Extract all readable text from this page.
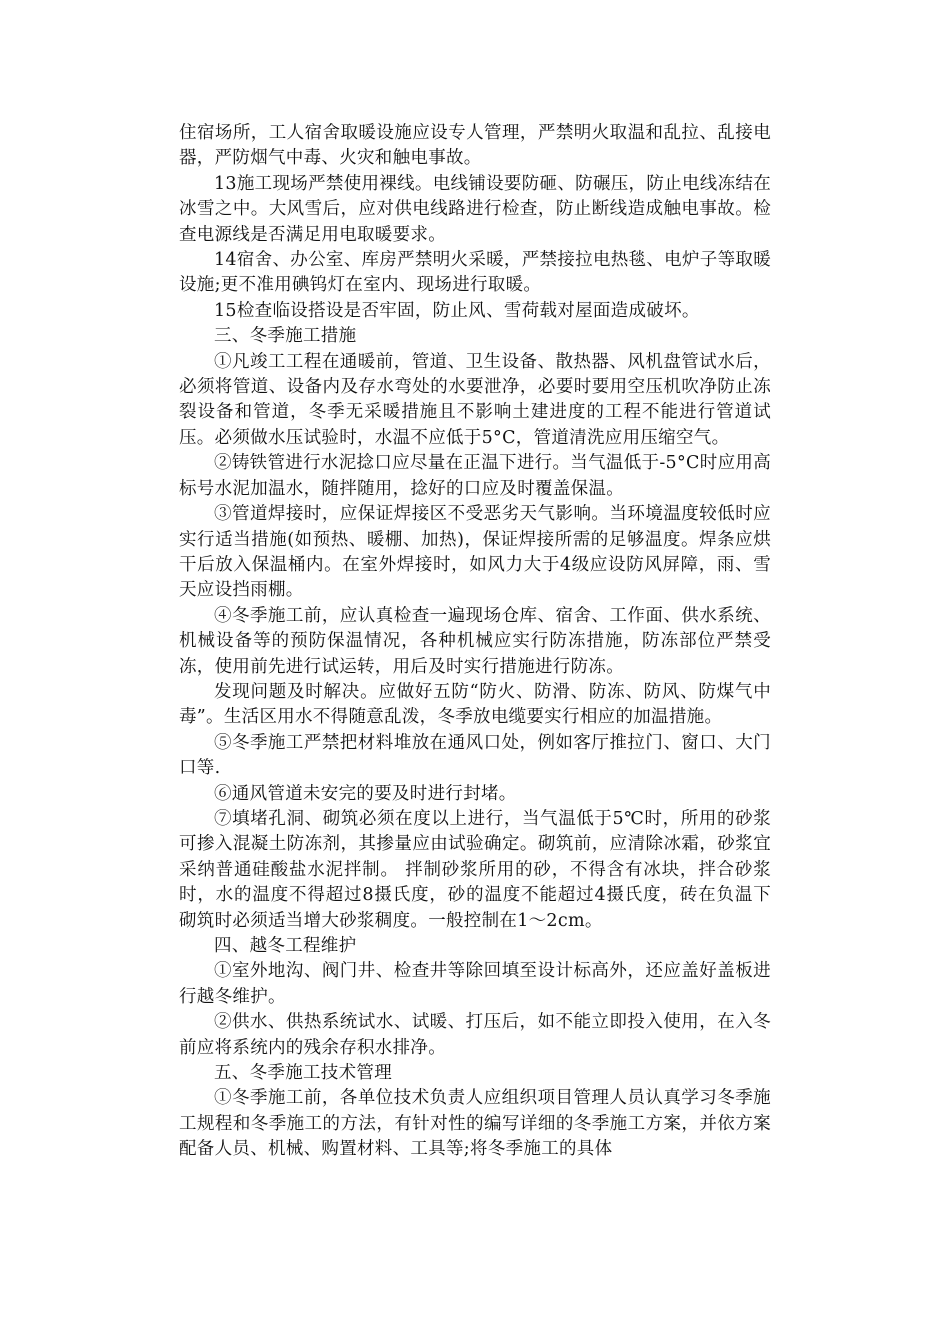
住宿场所，工人宿舍取暖设施应设专人管理，严禁明火取温和乱拉、乱接电器，严防烟气中毒、火灾和触电事故。

13施工现场严禁使用裸线。电线铺设要防砸、防碾压，防止电线冻结在冰雪之中。大风雪后，应对供电线路进行检查，防止断线造成触电事故。检查电源线是否满足用电取暖要求。

14宿舍、办公室、库房严禁明火采暖，严禁接拉电热毯、电炉子等取暖设施;更不准用碘钨灯在室内、现场进行取暖。

15检查临设搭设是否牢固，防止风、雪荷载对屋面造成破坏。

三、冬季施工措施

①凡竣工工程在通暖前，管道、卫生设备、散热器、风机盘管试水后，必须将管道、设备内及存水弯处的水要泄净，必要时要用空压机吹净防止冻裂设备和管道，冬季无采暖措施且不影响土建进度的工程不能进行管道试压。必须做水压试验时，水温不应低于5°C，管道清洗应用压缩空气。

②铸铁管进行水泥捻口应尽量在正温下进行。当气温低于-5°C时应用高标号水泥加温水，随拌随用，捻好的口应及时覆盖保温。

③管道焊接时，应保证焊接区不受恶劣天气影响。当环境温度较低时应实行适当措施(如预热、暖棚、加热)，保证焊接所需的足够温度。焊条应烘干后放入保温桶内。在室外焊接时，如风力大于4级应设防风屏障，雨、雪天应设挡雨棚。

④冬季施工前，应认真检查一遍现场仓库、宿舍、工作面、供水系统、机械设备等的预防保温情况，各种机械应实行防冻措施，防冻部位严禁受冻，使用前先进行试运转，用后及时实行措施进行防冻。

发现问题及时解决。应做好五防“防火、防滑、防冻、防风、防煤气中毒”。生活区用水不得随意乱泼，冬季放电缆要实行相应的加温措施。

⑤冬季施工严禁把材料堆放在通风口处，例如客厅推拉门、窗口、大门口等.

⑥通风管道未安完的要及时进行封堵。

⑦填堵孔洞、砌筑必须在度以上进行，当气温低于5℃时，所用的砂浆可掺入混凝土防冻剂，其掺量应由试验确定。砌筑前，应清除冰霜，砂浆宜采纳普通硅酸盐水泥拌制。 拌制砂浆所用的砂，不得含有冰块，拌合砂浆时，水的温度不得超过8摄氏度，砂的温度不能超过4摄氏度，砖在负温下砌筑时必须适当增大砂浆稠度。一般控制在1～2cm。

四、越冬工程维护

①室外地沟、阀门井、检查井等除回填至设计标高外，还应盖好盖板进行越冬维护。

②供水、供热系统试水、试暖、打压后，如不能立即投入使用，在入冬前应将系统内的残余存积水排净。

五、冬季施工技术管理

①冬季施工前，各单位技术负责人应组织项目管理人员认真学习冬季施工规程和冬季施工的方法，有针对性的编写详细的冬季施工方案，并依方案配备人员、机械、购置材料、工具等;将冬季施工的具体
